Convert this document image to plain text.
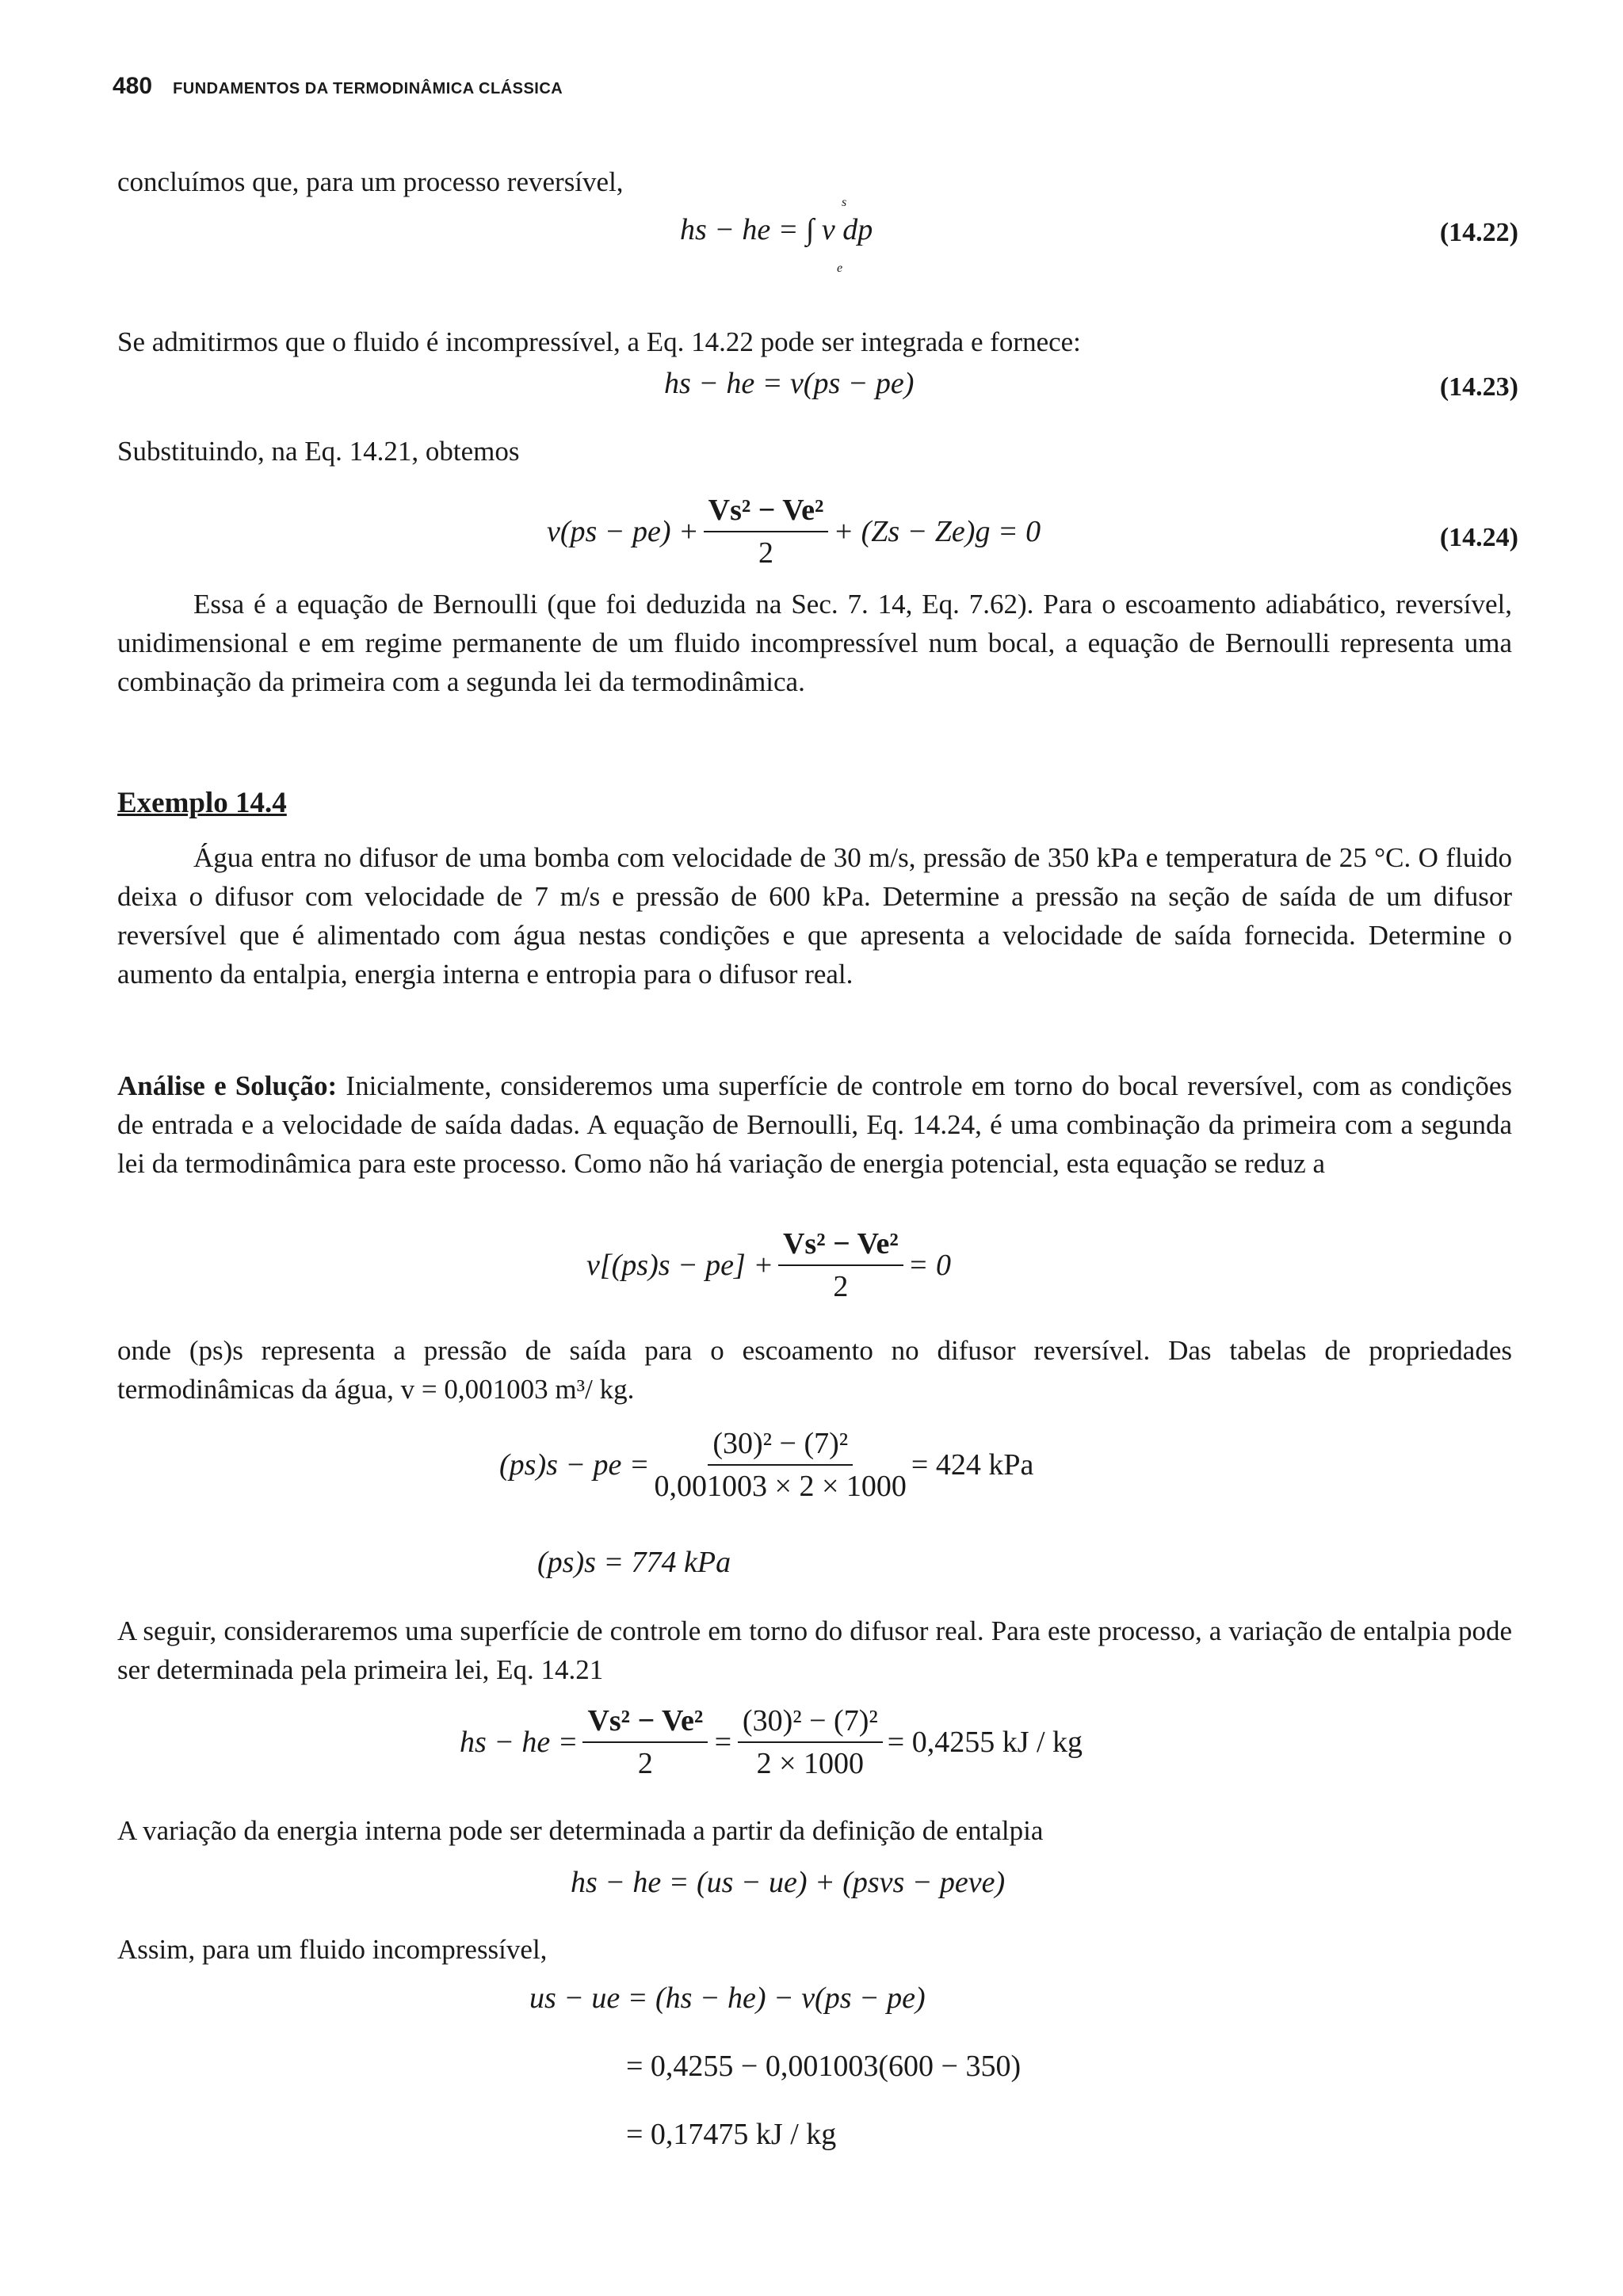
480 FUNDAMENTOS DA TERMODINÂMICA CLÁSSICA
concluímos que, para um processo reversível,
hs − he = ∫ v dp
s
e
(14.22)
Se admitirmos que o fluido é incompressível, a Eq. 14.22 pode ser integrada e fornece:
hs − he = v(ps − pe)	(14.23)
Substituindo, na Eq. 14.21, obtemos
$v(ps - pe) + \frac{\text{Vs² − Ve²}}{2} + (Zs - Ze)g = 0$	(14.24)
Essa é a equação de Bernoulli (que foi deduzida na Sec. 7. 14, Eq. 7.62). Para o escoamento adiabático, reversível, unidimensional e em regime permanente de um fluido incompressível num bocal, a equação de Bernoulli representa uma combinação da primeira com a segunda lei da termodinâmica.
Exemplo 14.4
Água entra no difusor de uma bomba com velocidade de 30 m/s, pressão de 350 kPa e temperatura de 25 °C. O fluido deixa o difusor com velocidade de 7 m/s e pressão de 600 kPa. Determine a pressão na seção de saída de um difusor reversível que é alimentado com água nestas condições e que apresenta a velocidade de saída fornecida. Determine o aumento da entalpia, energia interna e entropia para o difusor real.
Análise e Solução: Inicialmente, consideremos uma superfície de controle em torno do bocal reversível, com as condições de entrada e a velocidade de saída dadas. A equação de Bernoulli, Eq. 14.24, é uma combinação da primeira com a segunda lei da termodinâmica para este processo. Como não há variação de energia potencial, esta equação se reduz a
$v[(ps)s - pe] + \frac{\text{Vs² − Ve²}}{2} = 0$
onde (ps)s representa a pressão de saída para o escoamento no difusor reversível. Das tabelas de propriedades termodinâmicas da água, v = 0,001003 m³/ kg.
(ps)s − pe = $\frac{\text{(30)² − (7)²}}{0,001003 \times 2 \times 1000} = 424$ kPa
(ps)s = 774 kPa
A seguir, consideraremos uma superfície de controle em torno do difusor real. Para este processo, a variação de entalpia pode ser determinada pela primeira lei, Eq. 14.21
hs − he = $\frac{\text{Vs² − Ve²}}{2} = \frac{\text{(30)² − (7)²}}{2 \times 1000} = 0,4255$ kJ / kg
A variação da energia interna pode ser determinada a partir da definição de entalpia
hs − he = (us − ue) + (psvs − peve)
Assim, para um fluido incompressível,
us − ue = (hs − he) − v(ps − pe)
= 0,4255 − 0,001003(600 − 350)
= 0,17475 kJ / kg
